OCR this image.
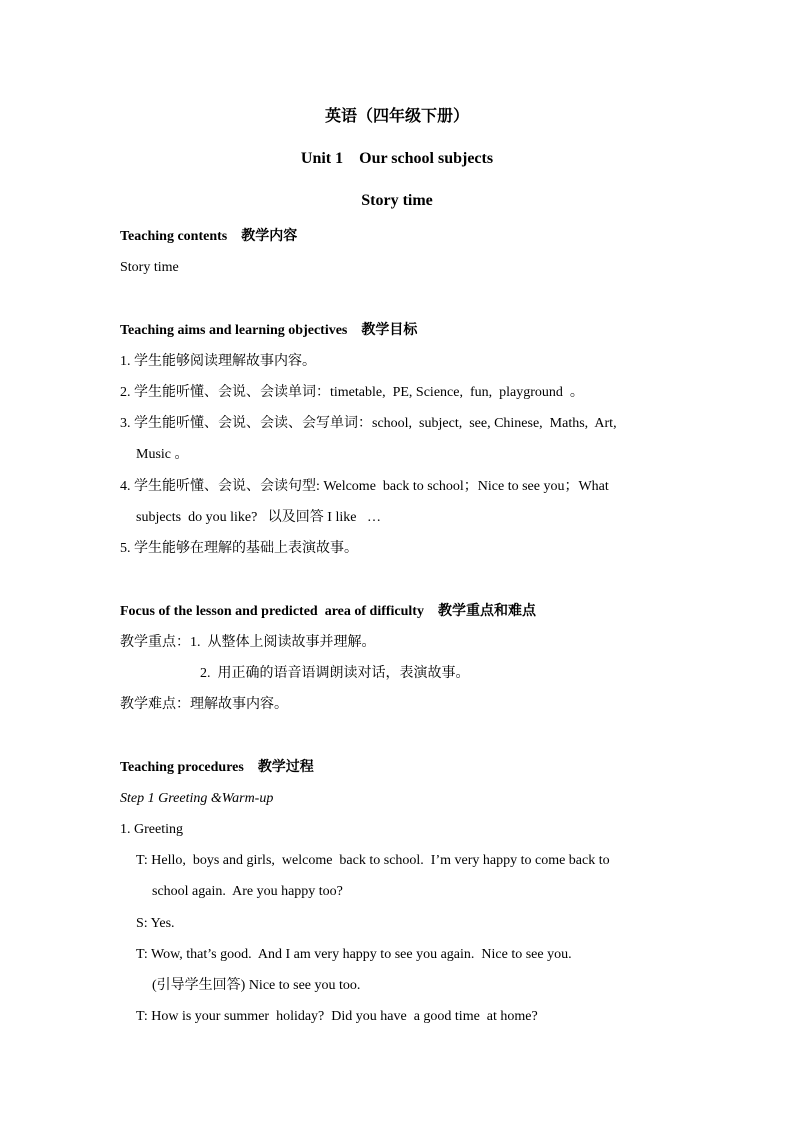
英语（四年级下册）
Unit 1    Our school subjects
Story time
Teaching contents 教学内容
Story time
Teaching aims and learning objectives 教学目标
1. 学生能够阅读理解故事内容。
2. 学生能听懂、会说、会读单词：timetable,  PE, Science,  fun,  playground  。
3. 学生能听懂、会说、会读、会写单词：school,  subject,  see, Chinese,  Maths,  Art,
Music 。
4. 学生能听懂、会说、会读句型: Welcome  back to school；Nice to see you；What
subjects  do you like?   以及回答 I like   …
5. 学生能够在理解的基础上表演故事。
Focus of the lesson and predicted  area of difficulty 教学重点和难点
教学重点：1.  从整体上阅读故事并理解。
2.  用正确的语音语调朗读对话，表演故事。
教学难点：理解故事内容。
Teaching procedures 教学过程
Step 1 Greeting &Warm-up
1. Greeting
T: Hello,  boys and girls,  welcome  back to school.  I’m very happy to come back to
school again.  Are you happy too?
S: Yes.
T: Wow, that’s good.  And I am very happy to see you again.  Nice to see you.
(引导学生回答) Nice to see you too.
T: How is your summer  holiday?  Did you have  a good time  at home?
